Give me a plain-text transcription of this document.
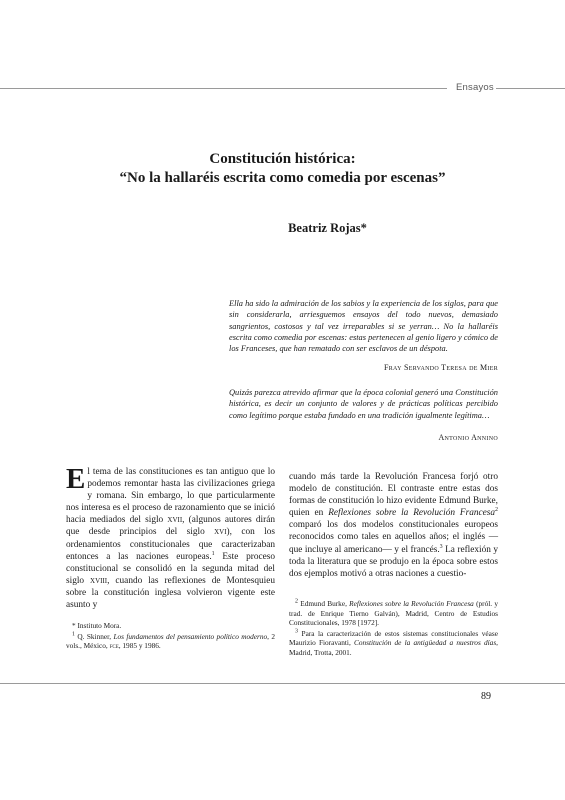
Ensayos
Constitución histórica:
“No la hallaréis escrita como comedia por escenas”
Beatriz Rojas*
Ella ha sido la admiración de los sabios y la experiencia de los siglos, para que sin considerarla, arriesguemos ensayos del todo nuevos, demasiado sangrientos, costosos y tal vez irreparables si se yerran… No la hallaréis escrita como comedia por escenas: estas pertenecen al genio ligero y cómico de los Franceses, que han rematado con ser esclavos de un déspota.
Fray Servando Teresa de Mier
Quizás parezca atrevido afirmar que la época colonial generó una Constitución histórica, es decir un conjunto de valores y de prácticas políticas percibido como legítimo porque estaba fundado en una tradición igualmente legítima…
Antonio Annino
El tema de las constituciones es tan antiguo que lo podemos remontar hasta las civilizaciones griega y romana. Sin embargo, lo que particularmente nos interesa es el proceso de razonamiento que se inició hacia mediados del siglo xvii, (algunos autores dirán que desde principios del siglo xvi), con los ordenamientos constitucionales que caracterizaban entonces a las naciones europeas.$^1$ Este proceso constitucional se consolidó en la segunda mitad del siglo xviii, cuando las reflexiones de Montesquieu sobre la constitución inglesa volvieron vigente este asunto y
cuando más tarde la Revolución Francesa forjó otro modelo de constitución. El contraste entre estas dos formas de constitución lo hizo evidente Edmund Burke, quien en Reflexiones sobre la Revolución Francesa$^2$ comparó los dos modelos constitucionales europeos reconocidos como tales en aquellos años; el inglés —que incluye al americano— y el francés.$^3$ La reflexión y toda la literatura que se produjo en la época sobre estos dos ejemplos motivó a otras naciones a cuestio-

* Instituto Mora.

$^1$ Q. Skinner, Los fundamentos del pensamiento político moderno, 2 vols., México, fce, 1985 y 1986.

$^2$ Edmund Burke, Reflexiones sobre la Revolución Francesa (pról. y trad. de Enrique Tierno Galván), Madrid, Centro de Estudios Constitucionales, 1978 [1972].

$^3$ Para la caracterización de estos sistemas constitucionales véase Maurizio Fioravanti, Constitución de la antigüedad a nuestros días, Madrid, Trotta, 2001.

89
